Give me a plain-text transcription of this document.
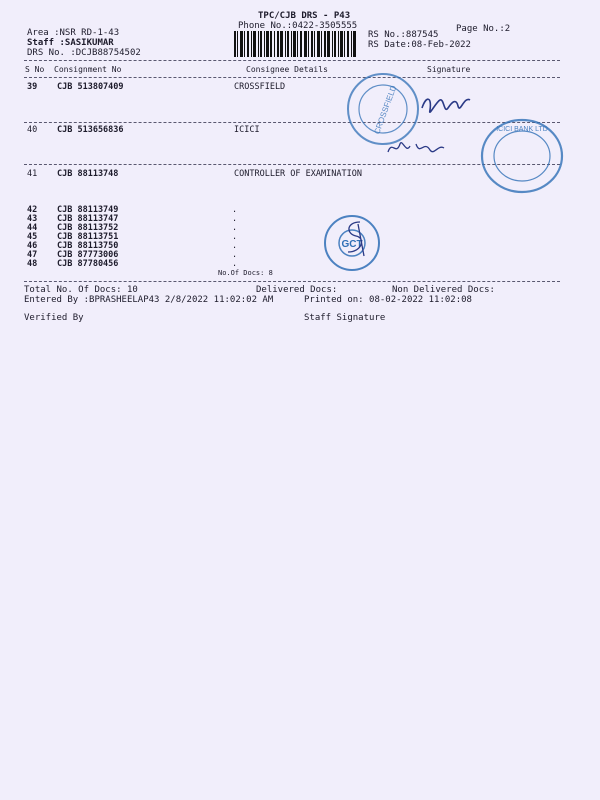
TPC/CJB DRS - P43
Phone No.:0422-3505555	Page No.:2
Area :NSR RD-1-43
Staff :SASIKUMAR
DRS No. :DCJB88754502
RS No.:887545
RS Date:08-Feb-2022
S No Consignment No	Consignee Details	Signature
39 CJB 513807409	CROSSFIELD
40 CJB 513656836	ICICI
41 CJB 88113748	CONTROLLER OF EXAMINATION
42 CJB 88113749	.
43 CJB 88113747	.
44 CJB 88113752	.
45 CJB 88113751	.
46 CJB 88113750	.
47 CJB 87773006	.
48 CJB 87780456	.
No.Of Docs: 8
Total No. Of Docs: 10	Delivered Docs:	Non Delivered Docs:
Entered By :BPRASHEELAP43 2/8/2022 11:02:02 AM	Printed on: 08-02-2022 11:02:08
Verified By	Staff Signature
CROSSFIELD	ICICI BANK LTD
GCT
